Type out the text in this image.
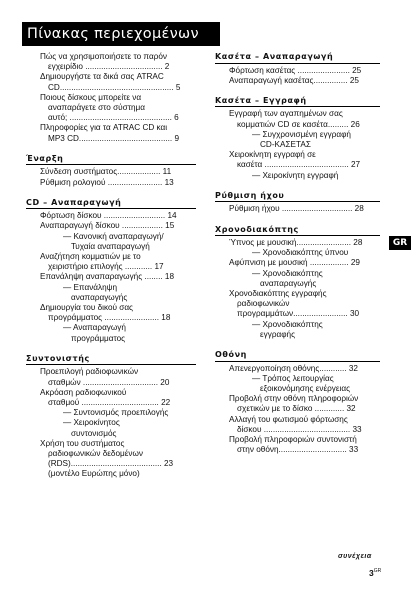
Πίνακας περιεχομένων
Πώς να χρησιμοποιήσετε το παρόν
εγχειρίδιο .................................. 2
Δημιουργήστε τα δικά σας ATRAC
CD.................................................. 5
Ποιους δίσκους μπορείτε να
αναπαράγετε στο σύστημα
αυτό; ............................................. 6
Πληροφορίες για τα ATRAC CD και
MP3 CD......................................... 9
Έναρξη
Σύνδεση συστήματος................... 11
Ρύθμιση ρολογιού ........................ 13
CD – Αναπαραγωγή
Φόρτωση δίσκου ........................... 14
Αναπαραγωγή δίσκου .................. 15
— Κανονική αναπαραγωγή/
Τυχαία αναπαραγωγή
Αναζήτηση κομματιών με το
χειριστήριο επιλογής ............ 17
Επανάληψη αναπαραγωγής ........ 18
— Επανάληψη
αναπαραγωγής
Δημιουργία του δικού σας
προγράμματος ........................ 18
— Αναπαραγωγή
προγράμματος
Συντονιστής
Προεπιλογή ραδιοφωνικών
σταθμών ................................. 20
Ακρόαση ραδιοφωνικού
σταθμού .................................. 22
— Συντονισμός προεπιλογής
— Χειροκίνητος
συντονισμός
Χρήση του συστήματος
ραδιοφωνικών δεδομένων
(RDS)........................................ 23
(μοντέλο Ευρώπης μόνο)
Κασέτα – Αναπαραγωγή
Φόρτωση κασέτας ....................... 25
Αναπαραγωγή κασέτας............... 25
Κασέτα – Εγγραφή
Εγγραφή των αγαπημένων σας
κομματιών CD σε κασέτα......... 26
— Συγχρονισμένη εγγραφή
CD-ΚΑΣΕΤΑΣ
Χειροκίνητη εγγραφή σε
κασέτα ..................................... 27
— Χειροκίνητη εγγραφή
Ρύθμιση ήχου
Ρύθμιση ήχου ............................... 28
Χρονοδιακόπτης
Ύπνος με μουσική........................ 28
— Χρονοδιακόπτης ύπνου
Αφύπνιση με μουσική ................. 29
— Χρονοδιακόπτης
αναπαραγωγής
Χρονοδιακόπτης εγγραφής
ραδιοφωνικών
προγραμμάτων........................ 30
— Χρονοδιακόπτης
εγγραφής
Οθόνη
Απενεργοποίηση οθόνης............ 32
— Τρόπος λειτουργίας
εξοικονόμησης ενέργειας
Προβολή στην οθόνη πληροφοριών
σχετικών με το δίσκο ............. 32
Αλλαγή του φωτισμού φόρτωσης
δίσκου ...................................... 33
Προβολή πληροφοριών συντονιστή
στην οθόνη.............................. 33
GR
συνέχεια
$3^{GR}$
